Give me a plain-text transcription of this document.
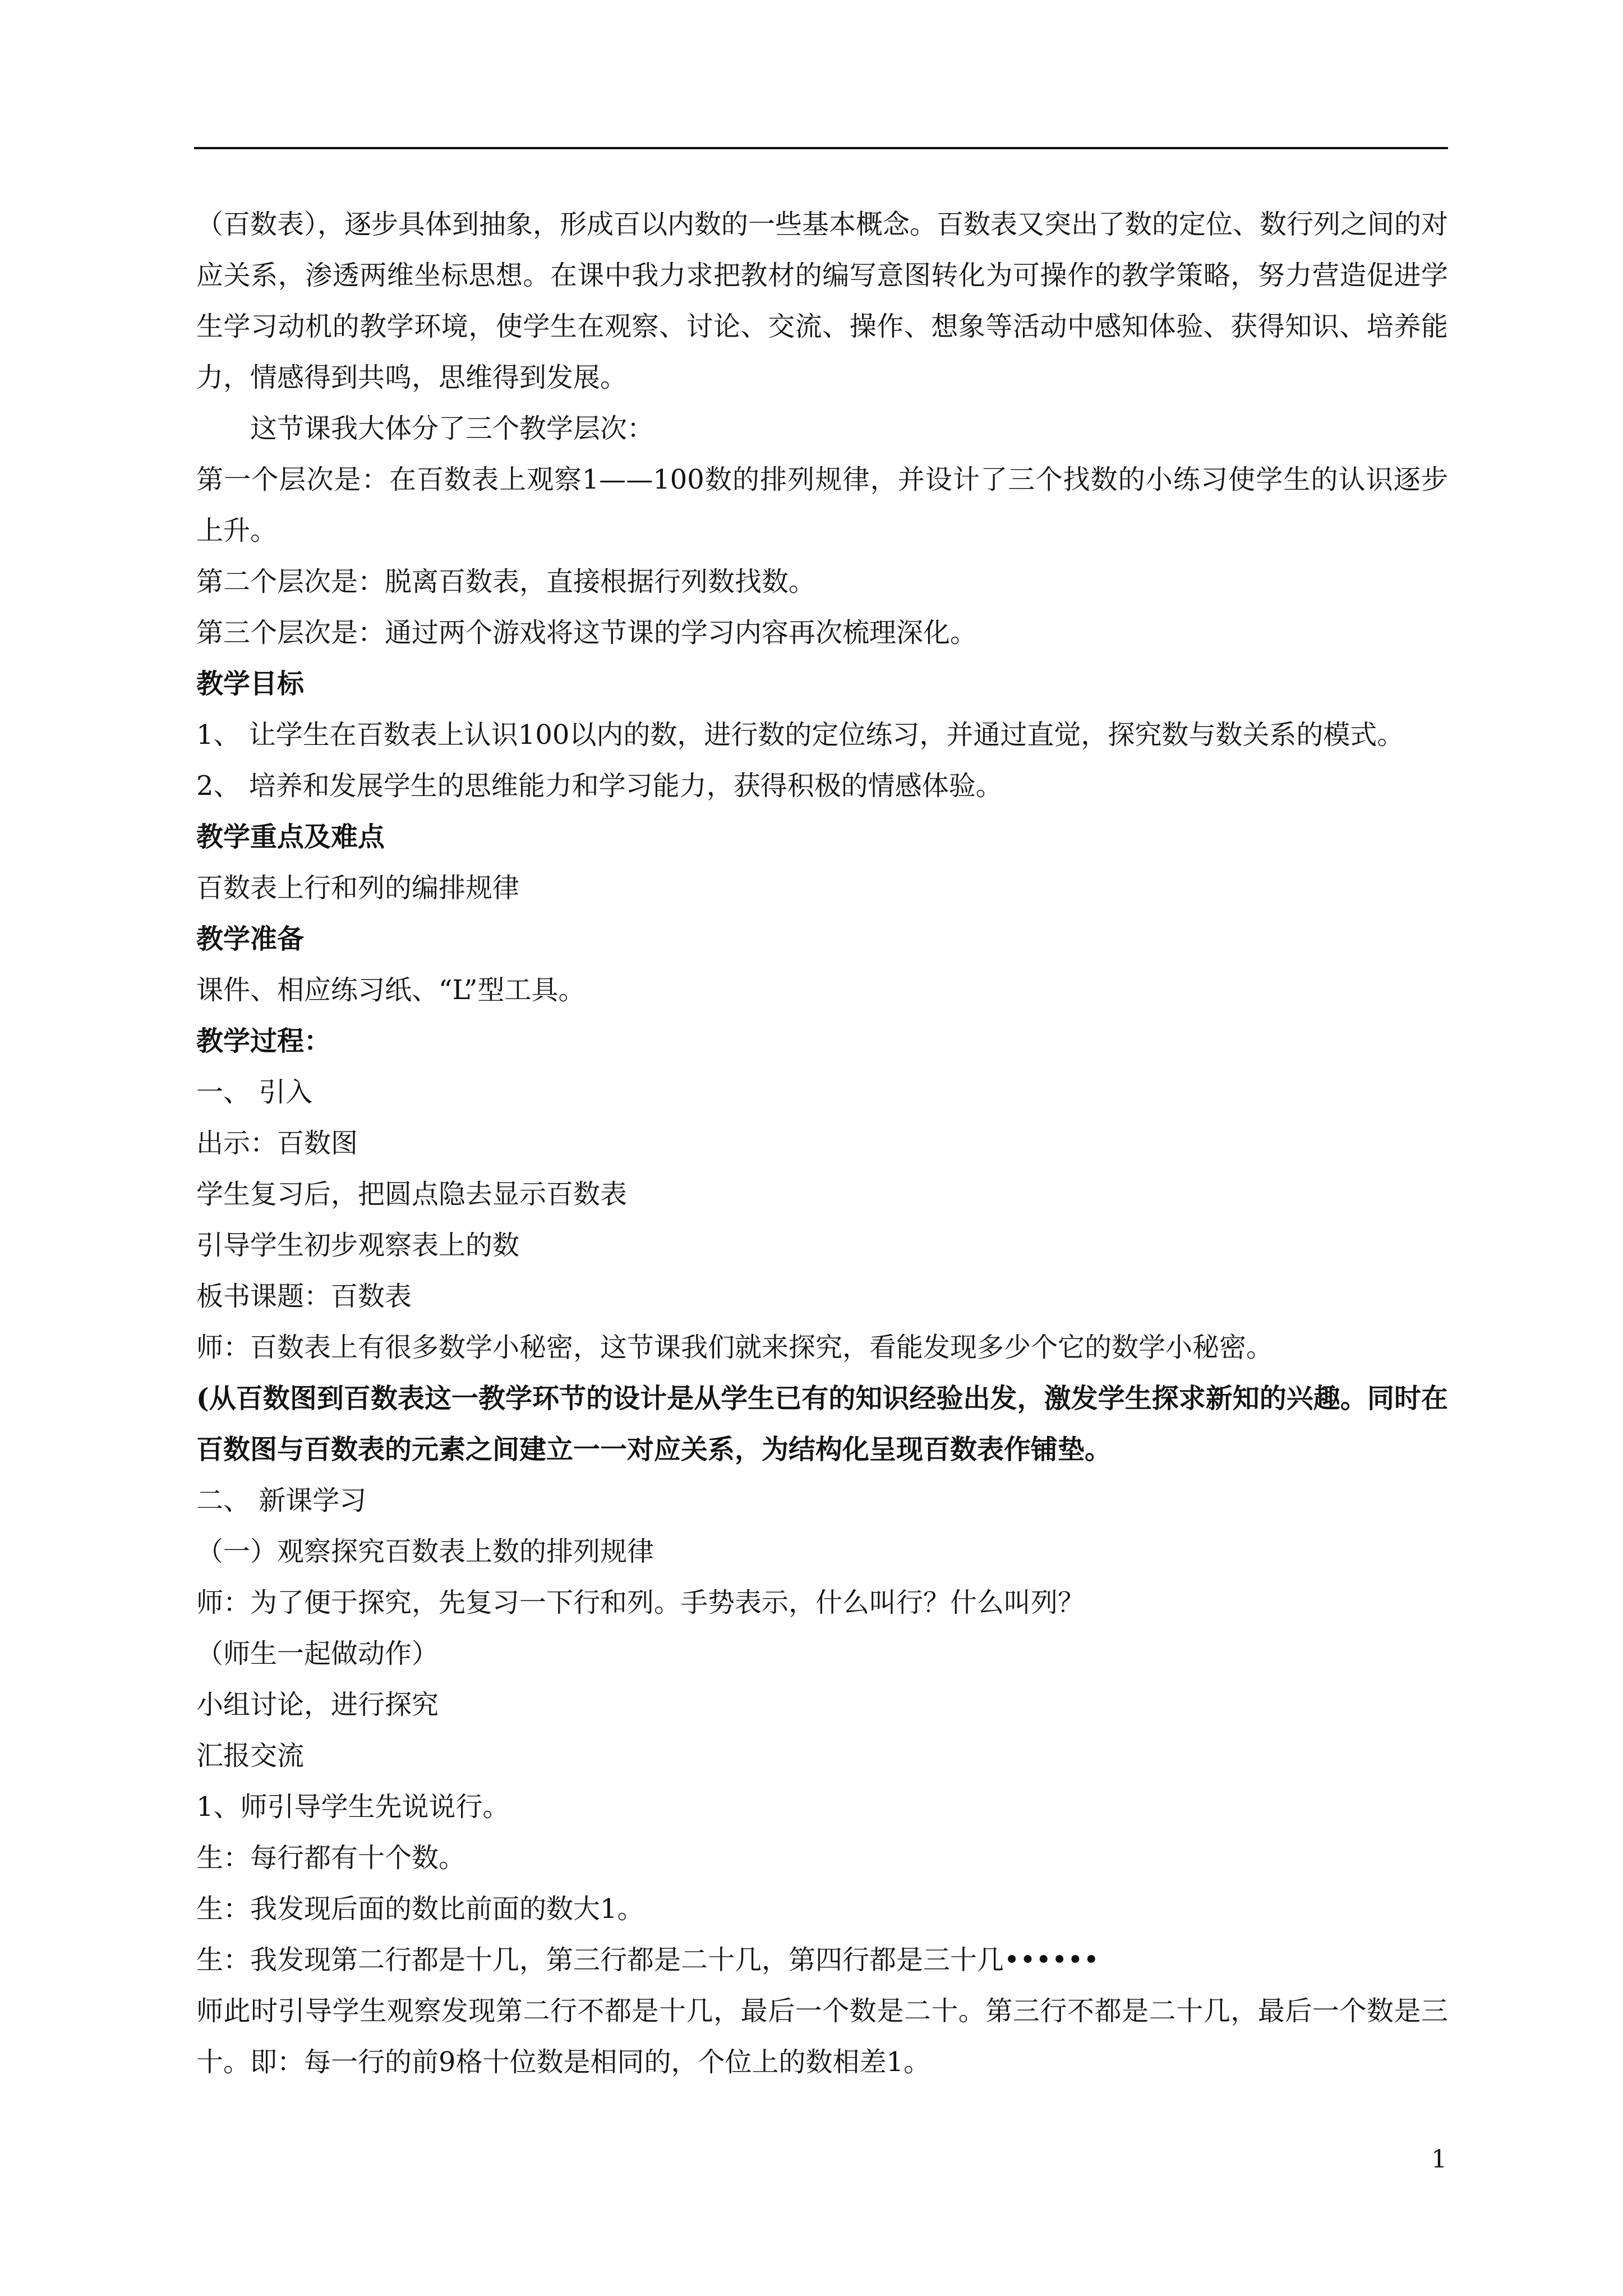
（百数表），逐步具体到抽象，形成百以内数的一些基本概念。百数表又突出了数的定位、数行列之间的对应关系，渗透两维坐标思想。在课中我力求把教材的编写意图转化为可操作的教学策略，努力营造促进学生学习动机的教学环境，使学生在观察、讨论、交流、操作、想象等活动中感知体验、获得知识、培养能力，情感得到共鸣，思维得到发展。

这节课我大体分了三个教学层次：

第一个层次是：在百数表上观察1——100数的排列规律，并设计了三个找数的小练习使学生的认识逐步上升。

第二个层次是：脱离百数表，直接根据行列数找数。

第三个层次是：通过两个游戏将这节课的学习内容再次梳理深化。

教学目标

1、 让学生在百数表上认识100以内的数，进行数的定位练习，并通过直觉，探究数与数关系的模式。

2、 培养和发展学生的思维能力和学习能力，获得积极的情感体验。

教学重点及难点

百数表上行和列的编排规律

教学准备

课件、相应练习纸、“L”型工具。

教学过程：

一、 引入

出示：百数图

学生复习后，把圆点隐去显示百数表

引导学生初步观察表上的数

板书课题：百数表

师：百数表上有很多数学小秘密，这节课我们就来探究，看能发现多少个它的数学小秘密。

(从百数图到百数表这一教学环节的设计是从学生已有的知识经验出发，激发学生探求新知的兴趣。同时在百数图与百数表的元素之间建立一一对应关系，为结构化呈现百数表作铺垫。

二、 新课学习

（一）观察探究百数表上数的排列规律

师：为了便于探究，先复习一下行和列。手势表示，什么叫行？什么叫列？

（师生一起做动作）

小组讨论，进行探究

汇报交流

1、师引导学生先说说行。

生：每行都有十个数。

生：我发现后面的数比前面的数大1。

生：我发现第二行都是十几，第三行都是二十几，第四行都是三十几••••••

师此时引导学生观察发现第二行不都是十几，最后一个数是二十。第三行不都是二十几，最后一个数是三十。即：每一行的前9格十位数是相同的，个位上的数相差1。

1
